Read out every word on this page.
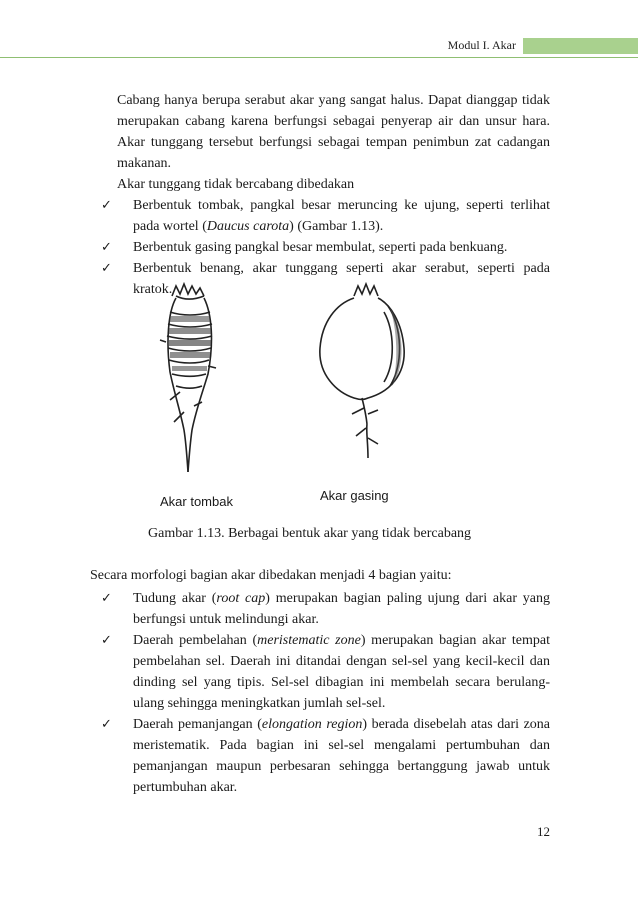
Modul I. Akar

Cabang hanya berupa serabut akar yang sangat halus. Dapat dianggap tidak merupakan cabang karena berfungsi sebagai penyerap air dan unsur hara. Akar tunggang tersebut berfungsi sebagai tempan penimbun zat cadangan makanan.

Akar tunggang tidak bercabang dibedakan

✓ Berbentuk tombak, pangkal besar meruncing ke ujung, seperti terlihat pada wortel (Daucus carota) (Gambar 1.13).
✓ Berbentuk gasing pangkal besar membulat, seperti pada benkuang.
✓ Berbentuk benang, akar tunggang seperti akar serabut, seperti pada kratok.
Akar tombak	Akar gasing
Gambar 1.13. Berbagai bentuk akar yang tidak bercabang
Secara morfologi bagian akar dibedakan menjadi 4 bagian yaitu:
✓ Tudung akar (root cap) merupakan bagian paling ujung dari akar yang berfungsi untuk melindungi akar.
✓ Daerah pembelahan (meristematic zone) merupakan bagian akar tempat pembelahan sel. Daerah ini ditandai dengan sel-sel yang kecil-kecil dan dinding sel yang tipis. Sel-sel dibagian ini membelah secara berulang-ulang sehingga meningkatkan jumlah sel-sel.
✓ Daerah pemanjangan (elongation region) berada disebelah atas dari zona meristematik. Pada bagian ini sel-sel mengalami pertumbuhan dan pemanjangan maupun perbesaran sehingga bertanggung jawab untuk pertumbuhan akar.
12
